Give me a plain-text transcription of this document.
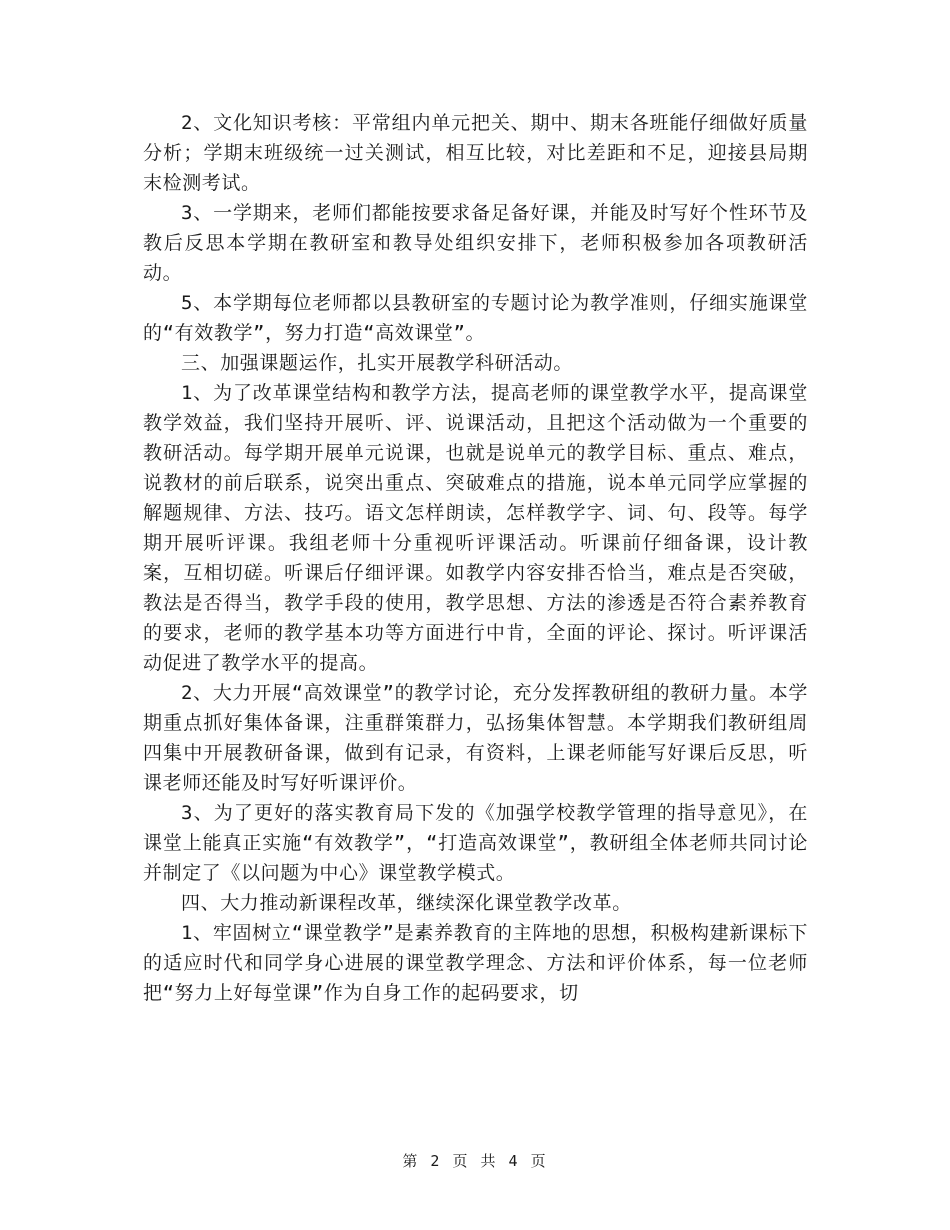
2、文化知识考核：平常组内单元把关、期中、期末各班能仔细做好质量分析；学期末班级统一过关测试，相互比较，对比差距和不足，迎接县局期末检测考试。

3、一学期来，老师们都能按要求备足备好课，并能及时写好个性环节及教后反思本学期在教研室和教导处组织安排下，老师积极参加各项教研活动。

5、本学期每位老师都以县教研室的专题讨论为教学准则，仔细实施课堂的“有效教学”，努力打造“高效课堂”。

三、加强课题运作，扎实开展教学科研活动。

1、为了改革课堂结构和教学方法，提高老师的课堂教学水平，提高课堂教学效益，我们坚持开展听、评、说课活动，且把这个活动做为一个重要的教研活动。每学期开展单元说课，也就是说单元的教学目标、重点、难点，说教材的前后联系，说突出重点、突破难点的措施，说本单元同学应掌握的解题规律、方法、技巧。语文怎样朗读，怎样教学字、词、句、段等。每学期开展听评课。我组老师十分重视听评课活动。听课前仔细备课，设计教案，互相切磋。听课后仔细评课。如教学内容安排否恰当，难点是否突破，教法是否得当，教学手段的使用，教学思想、方法的渗透是否符合素养教育的要求，老师的教学基本功等方面进行中肯，全面的评论、探讨。听评课活动促进了教学水平的提高。

2、大力开展“高效课堂”的教学讨论，充分发挥教研组的教研力量。本学期重点抓好集体备课，注重群策群力，弘扬集体智慧。本学期我们教研组周四集中开展教研备课，做到有记录，有资料，上课老师能写好课后反思，听课老师还能及时写好听课评价。

3、为了更好的落实教育局下发的《加强学校教学管理的指导意见》，在课堂上能真正实施“有效教学”，“打造高效课堂”，教研组全体老师共同讨论并制定了《以问题为中心》课堂教学模式。

四、大力推动新课程改革，继续深化课堂教学改革。

1、牢固树立“课堂教学”是素养教育的主阵地的思想，积极构建新课标下的适应时代和同学身心进展的课堂教学理念、方法和评价体系，每一位老师把“努力上好每堂课”作为自身工作的起码要求，切

第 2 页 共 4 页
